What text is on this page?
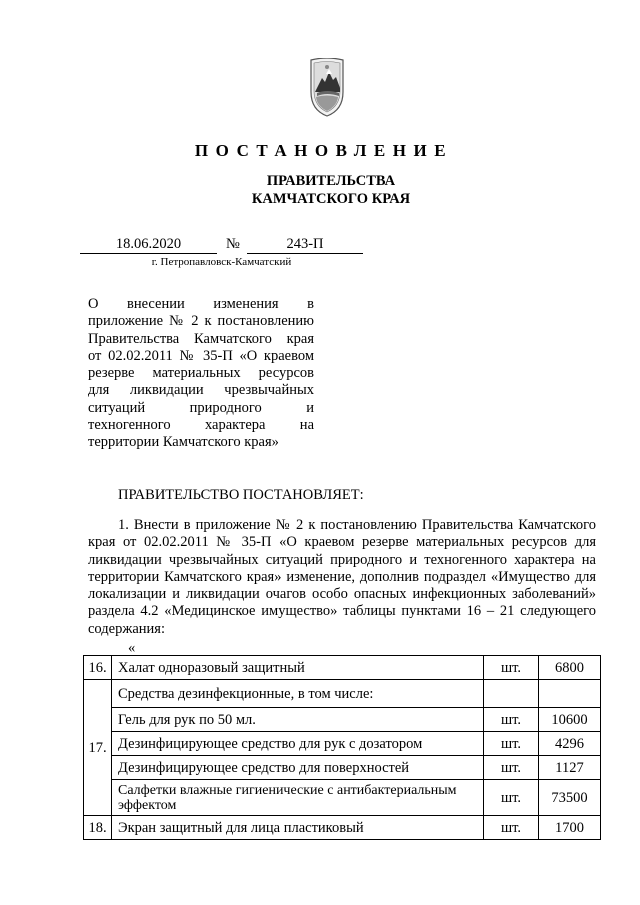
ПОСТАНОВЛЕНИЕ
ПРАВИТЕЛЬСТВА
КАМЧАТСКОГО КРАЯ
18.06.2020	№	243-П
г. Петропавловск-Камчатский
О внесении изменения в
приложение № 2 к постановлению
Правительства Камчатского края
от 02.02.2011 № 35-П «О краевом
резерве материальных ресурсов
для ликвидации чрезвычайных
ситуаций природного и
техногенного характера на
территории Камчатского края»
ПРАВИТЕЛЬСТВО ПОСТАНОВЛЯЕТ:
1. Внести в приложение № 2 к постановлению Правительства Камчатского края от 02.02.2011 № 35-П «О краевом резерве материальных ресурсов для ликвидации чрезвычайных ситуаций природного и техногенного характера на территории Камчатского края» изменение, дополнив подраздел «Имущество для локализации и ликвидации очагов особо опасных инфекционных заболеваний» раздела 4.2 «Медицинское имущество» таблицы пунктами 16 – 21 следующего содержания:
«
16.	Халат одноразовый защитный	шт.	6800
17.	Средства дезинфекционные, в том числе:		
	Гель для рук по 50 мл.	шт.	10600
	Дезинфицирующее средство для рук с дозатором	шт.	4296
	Дезинфицирующее средство для поверхностей	шт.	1127
	Салфетки влажные гигиенические с антибактериальным эффектом	шт.	73500
18.	Экран защитный для лица пластиковый	шт.	1700
